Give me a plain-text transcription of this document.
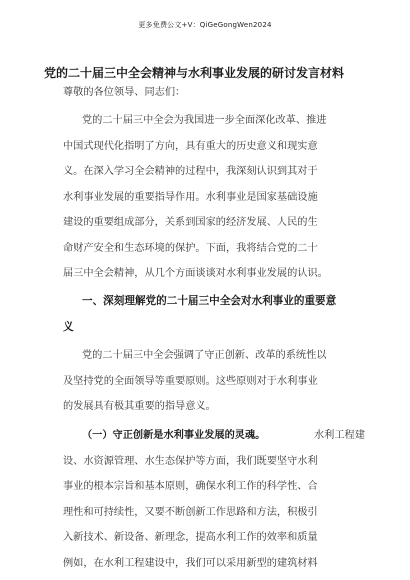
更多免费公文+V：QiGeGongWen2024
党的二十届三中全会精神与水利事业发展的研讨发言材料
尊敬的各位领导、同志们：
党的二十届三中全会为我国进一步全面深化改革、推进
中国式现代化指明了方向，具有重大的历史意义和现实意
义。在深入学习全会精神的过程中，我深刻认识到其对于
水利事业发展的重要指导作用。水利事业是国家基础设施
建设的重要组成部分，关系到国家的经济发展、人民的生
命财产安全和生态环境的保护。下面，我将结合党的二十
届三中全会精神，从几个方面谈谈对水利事业发展的认识。
一、深刻理解党的二十届三中全会对水利事业的重要意
义
党的二十届三中全会强调了守正创新、改革的系统性以
及坚持党的全面领导等重要原则。这些原则对于水利事业
的发展具有极其重要的指导意义。
水利工程建
设、水资源管理、水生态保护等方面，我们既要坚守水利
事业的根本宗旨和基本原则，确保水利工作的科学性、合
理性和可持续性，又要不断创新工作思路和方法，积极引
入新技术、新设备、新理念，提高水利工作的效率和质量
例如，在水利工程建设中，我们可以采用新型的建筑材料
（一）守正创新是水利事业发展的灵魂。
